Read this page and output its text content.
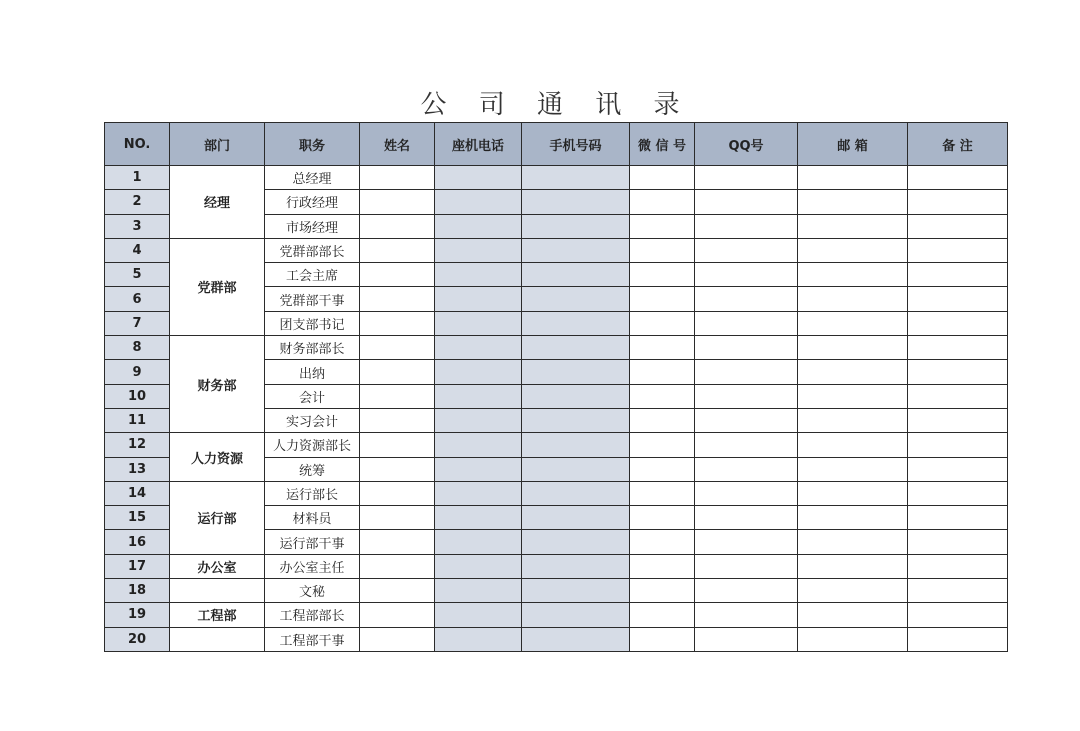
公 司 通 讯 录
NO.	部门	职务	姓名	座机电话	手机号码	微 信 号	QQ号	邮 箱	备 注
1	经理	总经理							
2		行政经理							
3		市场经理							
4	党群部	党群部部长							
5		工会主席							
6		党群部干事							
7		团支部书记							
8	财务部	财务部部长							
9		出纳							
10		会计							
11		实习会计							
12	人力资源	人力资源部长							
13		统筹							
14	运行部	运行部长							
15		材料员							
16		运行部干事							
17	办公室	办公室主任							
18		文秘							
19	工程部	工程部部长							
20		工程部干事							
